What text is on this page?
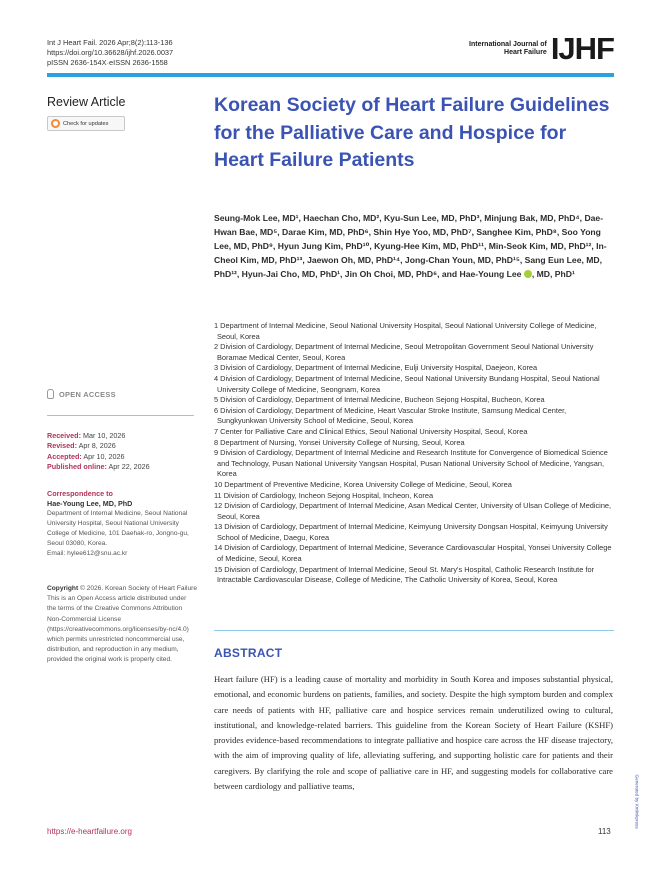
Int J Heart Fail. 2026 Apr;8(2):113-136
https://doi.org/10.36628/ijhf.2026.0037
pISSN 2636-154X·eISSN 2636-1558
International Journal of
Heart Failure IJHF
Review Article
Check for updates
Korean Society of Heart Failure Guidelines for the Palliative Care and Hospice for Heart Failure Patients
Seung-Mok Lee, MD¹, Haechan Cho, MD², Kyu-Sun Lee, MD, PhD³, Minjung Bak, MD, PhD⁴, Dae-Hwan Bae, MD⁵, Darae Kim, MD, PhD⁶, Shin Hye Yoo, MD, PhD⁷, Sanghee Kim, PhD⁸, Soo Yong Lee, MD, PhD⁹, Hyun Jung Kim, PhD¹⁰, Kyung-Hee Kim, MD, PhD¹¹, Min-Seok Kim, MD, PhD¹², In-Cheol Kim, MD, PhD¹³, Jaewon Oh, MD, PhD¹⁴, Jong-Chan Youn, MD, PhD¹⁵, Sang Eun Lee, MD, PhD¹², Hyun-Jai Cho, MD, PhD¹, Jin Oh Choi, MD, PhD⁶, and Hae-Young Lee , MD, PhD¹
1 Department of Internal Medicine, Seoul National University Hospital, Seoul National University College of Medicine, Seoul, Korea
2 Division of Cardiology, Department of Internal Medicine, Seoul Metropolitan Government Seoul National University Boramae Medical Center, Seoul, Korea
3 Division of Cardiology, Department of Internal Medicine, Eulji University Hospital, Daejeon, Korea
4 Division of Cardiology, Department of Internal Medicine, Seoul National University Bundang Hospital, Seoul National University College of Medicine, Seongnam, Korea
5 Division of Cardiology, Department of Internal Medicine, Bucheon Sejong Hospital, Bucheon, Korea
6 Division of Cardiology, Department of Medicine, Heart Vascular Stroke Institute, Samsung Medical Center, Sungkyunkwan University School of Medicine, Seoul, Korea
7 Center for Palliative Care and Clinical Ethics, Seoul National University Hospital, Seoul, Korea
8 Department of Nursing, Yonsei University College of Nursing, Seoul, Korea
9 Division of Cardiology, Department of Internal Medicine and Research Institute for Convergence of Biomedical Science and Technology, Pusan National University Yangsan Hospital, Pusan National University School of Medicine, Yangsan, Korea
10 Department of Preventive Medicine, Korea University College of Medicine, Seoul, Korea
11 Division of Cardiology, Incheon Sejong Hospital, Incheon, Korea
12 Division of Cardiology, Department of Internal Medicine, Asan Medical Center, University of Ulsan College of Medicine, Seoul, Korea
13 Division of Cardiology, Department of Internal Medicine, Keimyung University Dongsan Hospital, Keimyung University School of Medicine, Daegu, Korea
14 Division of Cardiology, Department of Internal Medicine, Severance Cardiovascular Hospital, Yonsei University College of Medicine, Seoul, Korea
15 Division of Cardiology, Department of Internal Medicine, Seoul St. Mary's Hospital, Catholic Research Institute for Intractable Cardiovascular Disease, College of Medicine, The Catholic University of Korea, Seoul, Korea
OPEN ACCESS
Received: Mar 10, 2026
Revised: Apr 8, 2026
Accepted: Apr 10, 2026
Published online: Apr 22, 2026
Correspondence to
Hae-Young Lee, MD, PhD
Department of Internal Medicine, Seoul National University Hospital, Seoul National University College of Medicine, 101 Daehak-ro, Jongno-gu, Seoul 03080, Korea.
Email: hylee612@snu.ac.kr
Copyright © 2026. Korean Society of Heart Failure
This is an Open Access article distributed under the terms of the Creative Commons Attribution Non-Commercial License (https://creativecommons.org/licenses/by-nc/4.0) which permits unrestricted noncommercial use, distribution, and reproduction in any medium, provided the original work is properly cited.	ABSTRACT
Heart failure (HF) is a leading cause of mortality and morbidity in South Korea and imposes substantial physical, emotional, and economic burdens on patients, families, and society. Despite the high symptom burden and complex care needs of patients with HF, palliative care and hospice services remain underutilized owing to cultural, institutional, and knowledge-related barriers. This guideline from the Korean Society of Heart Failure (KSHF) provides evidence-based recommendations to integrate palliative and hospice care across the HF disease trajectory, with the aim of improving quality of life, alleviating suffering, and supporting holistic care for patients and their caregivers. By clarifying the role and scope of palliative care in HF, and suggesting models for collaborative care between cardiology and palliative teams,
https://e-heartfailure.org	113
Generated by Xmlinkpress
